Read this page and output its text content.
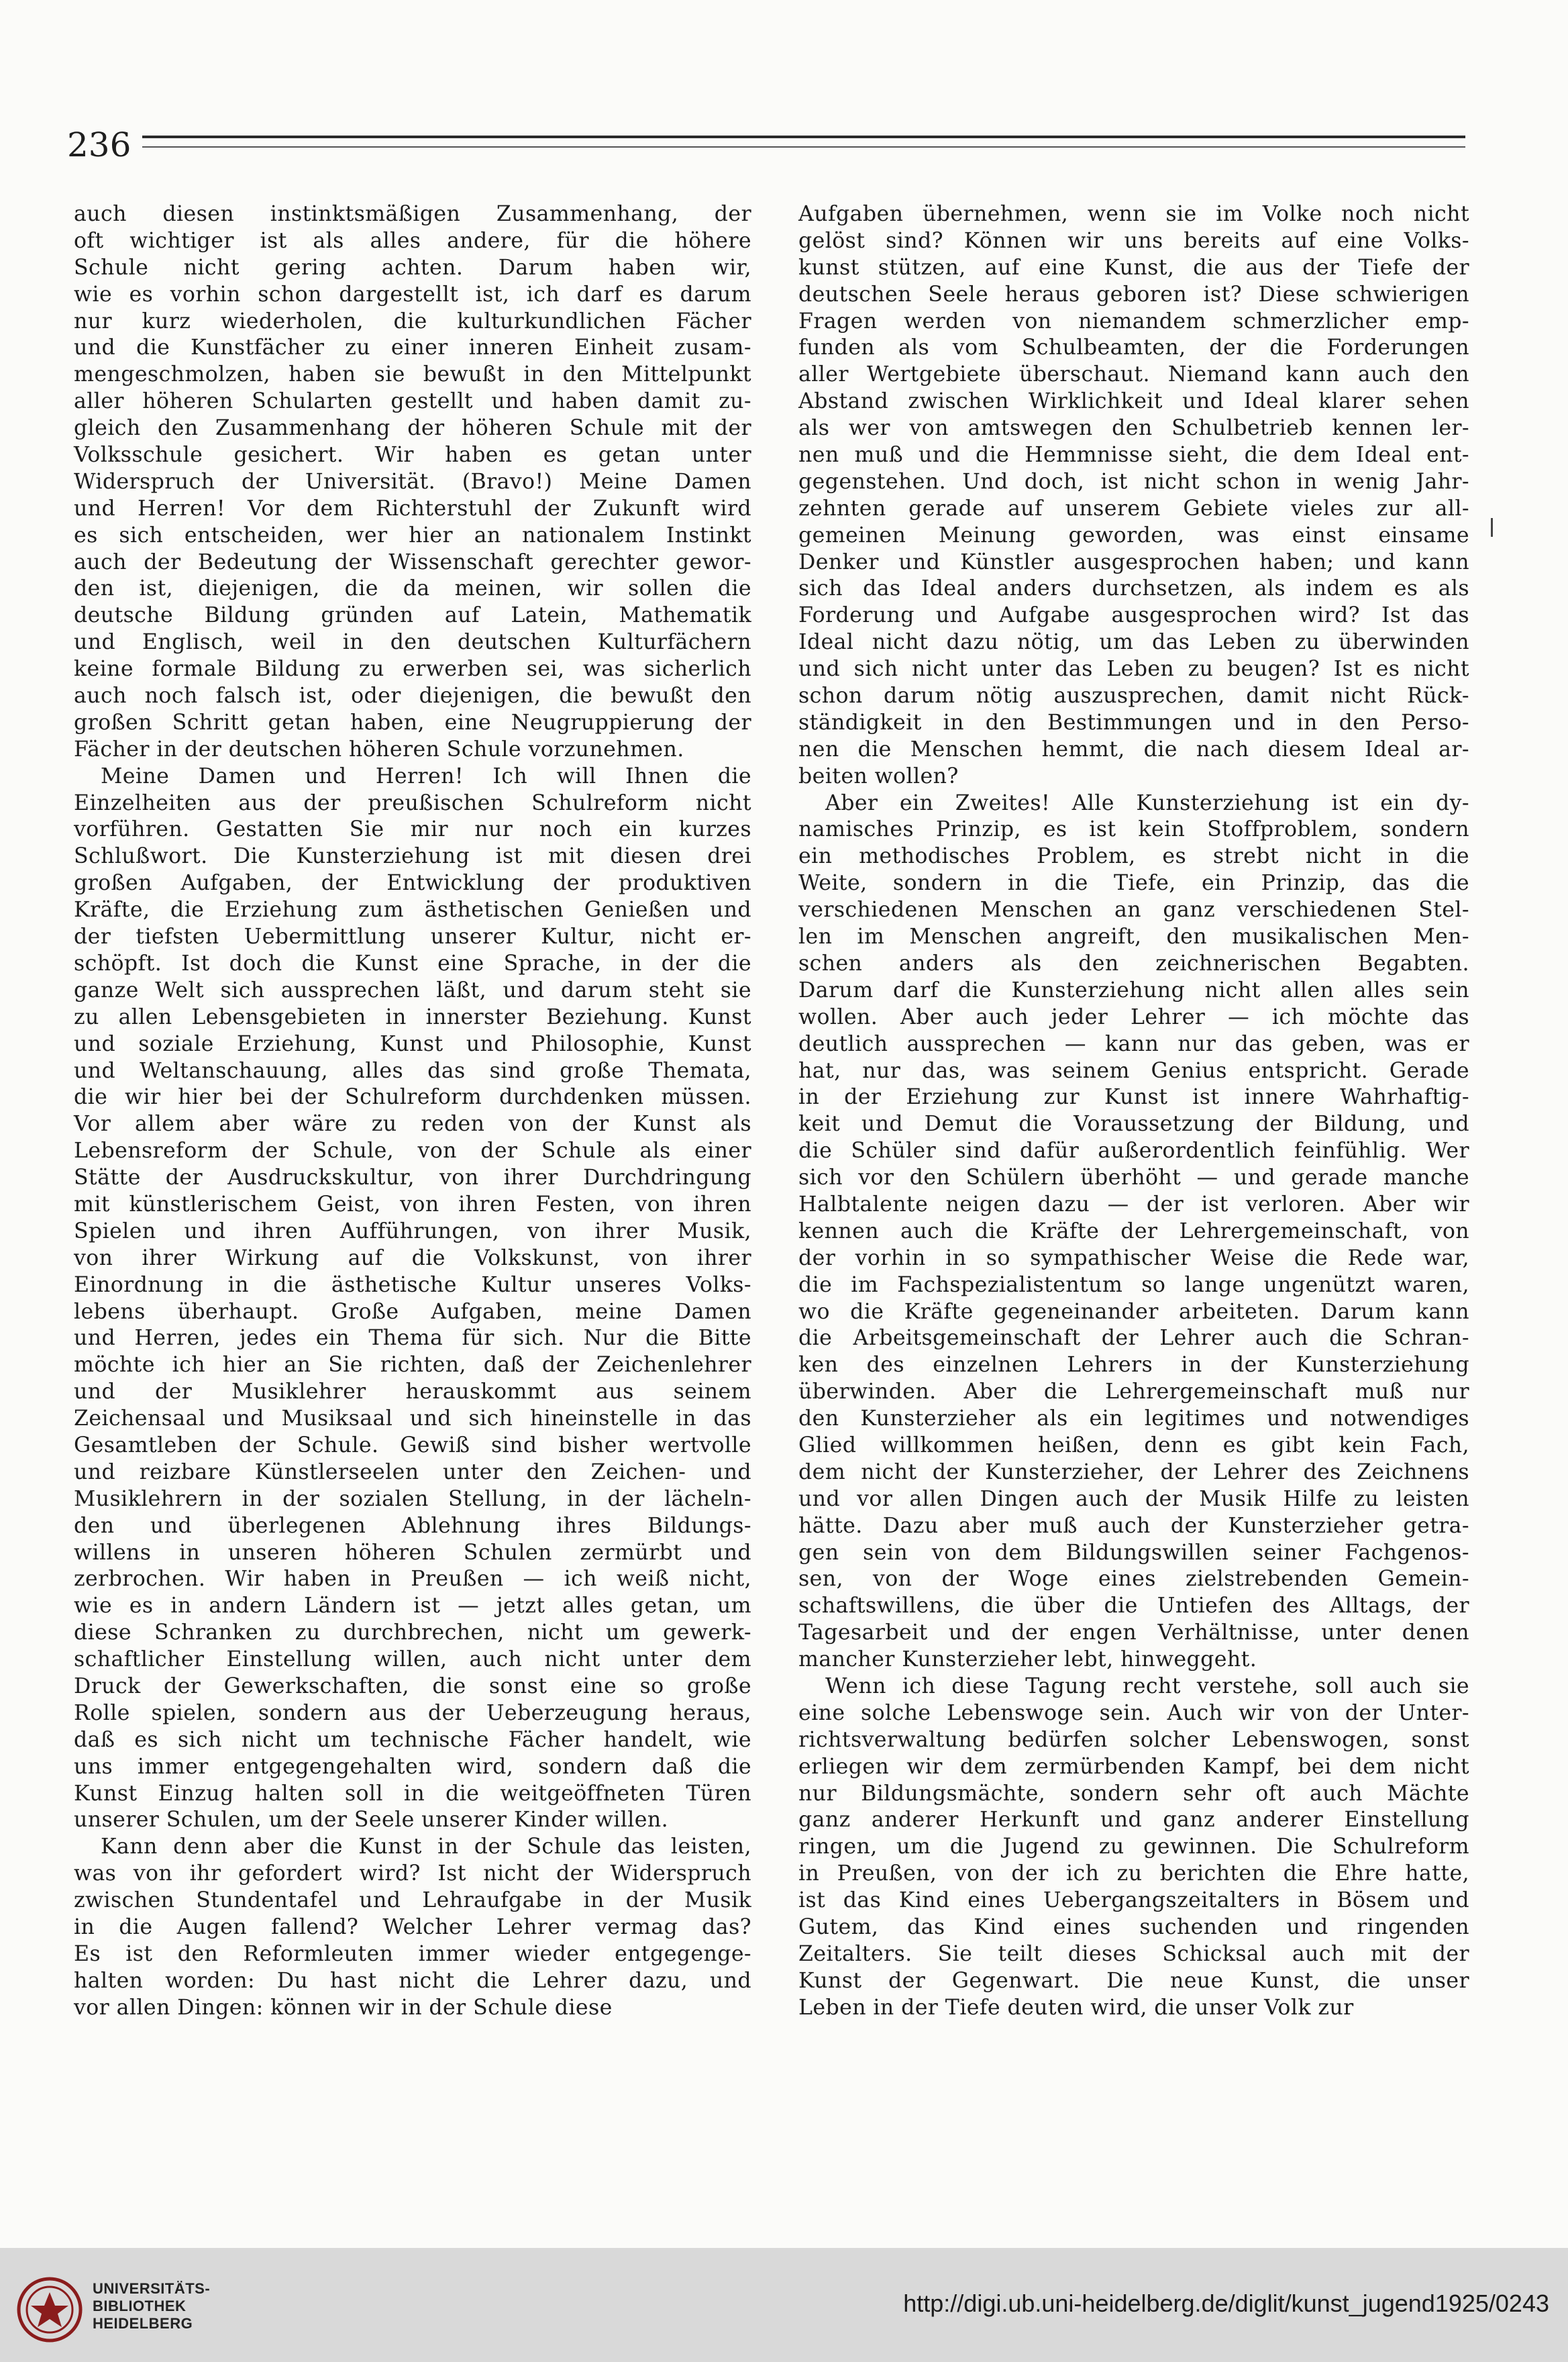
236
auch diesen instinktsmäßigen Zusammenhang, der
oft wichtiger ist als alles andere, für die höhere
Schule nicht gering achten. Darum haben wir,
wie es vorhin schon dargestellt ist, ich darf es darum
nur kurz wiederholen, die kulturkundlichen Fächer
und die Kunstfächer zu einer inneren Einheit zusam-
mengeschmolzen, haben sie bewußt in den Mittelpunkt
aller höheren Schularten gestellt und haben damit zu-
gleich den Zusammenhang der höheren Schule mit der
Volksschule gesichert. Wir haben es getan unter
Widerspruch der Universität. (Bravo!) Meine Damen
und Herren! Vor dem Richterstuhl der Zukunft wird
es sich entscheiden, wer hier an nationalem Instinkt
auch der Bedeutung der Wissenschaft gerechter gewor-
den ist, diejenigen, die da meinen, wir sollen die
deutsche Bildung gründen auf Latein, Mathematik
und Englisch, weil in den deutschen Kulturfächern
keine formale Bildung zu erwerben sei, was sicherlich
auch noch falsch ist, oder diejenigen, die bewußt den
großen Schritt getan haben, eine Neugruppierung der
Fächer in der deutschen höheren Schule vorzunehmen.
Meine Damen und Herren! Ich will Ihnen die
Einzelheiten aus der preußischen Schulreform nicht
vorführen. Gestatten Sie mir nur noch ein kurzes
Schlußwort. Die Kunsterziehung ist mit diesen drei
großen Aufgaben, der Entwicklung der produktiven
Kräfte, die Erziehung zum ästhetischen Genießen und
der tiefsten Uebermittlung unserer Kultur, nicht er-
schöpft. Ist doch die Kunst eine Sprache, in der die
ganze Welt sich aussprechen läßt, und darum steht sie
zu allen Lebensgebieten in innerster Beziehung. Kunst
und soziale Erziehung, Kunst und Philosophie, Kunst
und Weltanschauung, alles das sind große Themata,
die wir hier bei der Schulreform durchdenken müssen.
Vor allem aber wäre zu reden von der Kunst als
Lebensreform der Schule, von der Schule als einer
Stätte der Ausdruckskultur, von ihrer Durchdringung
mit künstlerischem Geist, von ihren Festen, von ihren
Spielen und ihren Aufführungen, von ihrer Musik,
von ihrer Wirkung auf die Volkskunst, von ihrer
Einordnung in die ästhetische Kultur unseres Volks-
lebens überhaupt. Große Aufgaben, meine Damen
und Herren, jedes ein Thema für sich. Nur die Bitte
möchte ich hier an Sie richten, daß der Zeichenlehrer
und der Musiklehrer herauskommt aus seinem
Zeichensaal und Musiksaal und sich hineinstelle in das
Gesamtleben der Schule. Gewiß sind bisher wertvolle
und reizbare Künstlerseelen unter den Zeichen- und
Musiklehrern in der sozialen Stellung, in der lächeln-
den und überlegenen Ablehnung ihres Bildungs-
willens in unseren höheren Schulen zermürbt und
zerbrochen. Wir haben in Preußen — ich weiß nicht,
wie es in andern Ländern ist — jetzt alles getan, um
diese Schranken zu durchbrechen, nicht um gewerk-
schaftlicher Einstellung willen, auch nicht unter dem
Druck der Gewerkschaften, die sonst eine so große
Rolle spielen, sondern aus der Ueberzeugung heraus,
daß es sich nicht um technische Fächer handelt, wie
uns immer entgegengehalten wird, sondern daß die
Kunst Einzug halten soll in die weitgeöffneten Türen
unserer Schulen, um der Seele unserer Kinder willen.
Kann denn aber die Kunst in der Schule das leisten,
was von ihr gefordert wird? Ist nicht der Widerspruch
zwischen Stundentafel und Lehraufgabe in der Musik
in die Augen fallend? Welcher Lehrer vermag das?
Es ist den Reformleuten immer wieder entgegenge-
halten worden: Du hast nicht die Lehrer dazu, und
vor allen Dingen: können wir in der Schule diese
Aufgaben übernehmen, wenn sie im Volke noch nicht
gelöst sind? Können wir uns bereits auf eine Volks-
kunst stützen, auf eine Kunst, die aus der Tiefe der
deutschen Seele heraus geboren ist? Diese schwierigen
Fragen werden von niemandem schmerzlicher emp-
funden als vom Schulbeamten, der die Forderungen
aller Wertgebiete überschaut. Niemand kann auch den
Abstand zwischen Wirklichkeit und Ideal klarer sehen
als wer von amtswegen den Schulbetrieb kennen ler-
nen muß und die Hemmnisse sieht, die dem Ideal ent-
gegenstehen. Und doch, ist nicht schon in wenig Jahr-
zehnten gerade auf unserem Gebiete vieles zur all-
gemeinen Meinung geworden, was einst einsame
Denker und Künstler ausgesprochen haben; und kann
sich das Ideal anders durchsetzen, als indem es als
Forderung und Aufgabe ausgesprochen wird? Ist das
Ideal nicht dazu nötig, um das Leben zu überwinden
und sich nicht unter das Leben zu beugen? Ist es nicht
schon darum nötig auszusprechen, damit nicht Rück-
ständigkeit in den Bestimmungen und in den Perso-
nen die Menschen hemmt, die nach diesem Ideal ar-
beiten wollen?
Aber ein Zweites! Alle Kunsterziehung ist ein dy-
namisches Prinzip, es ist kein Stoffproblem, sondern
ein methodisches Problem, es strebt nicht in die
Weite, sondern in die Tiefe, ein Prinzip, das die
verschiedenen Menschen an ganz verschiedenen Stel-
len im Menschen angreift, den musikalischen Men-
schen anders als den zeichnerischen Begabten.
Darum darf die Kunsterziehung nicht allen alles sein
wollen. Aber auch jeder Lehrer — ich möchte das
deutlich aussprechen — kann nur das geben, was er
hat, nur das, was seinem Genius entspricht. Gerade
in der Erziehung zur Kunst ist innere Wahrhaftig-
keit und Demut die Voraussetzung der Bildung, und
die Schüler sind dafür außerordentlich feinfühlig. Wer
sich vor den Schülern überhöht — und gerade manche
Halbtalente neigen dazu — der ist verloren. Aber wir
kennen auch die Kräfte der Lehrergemeinschaft, von
der vorhin in so sympathischer Weise die Rede war,
die im Fachspezialistentum so lange ungenützt waren,
wo die Kräfte gegeneinander arbeiteten. Darum kann
die Arbeitsgemeinschaft der Lehrer auch die Schran-
ken des einzelnen Lehrers in der Kunsterziehung
überwinden. Aber die Lehrergemeinschaft muß nur
den Kunsterzieher als ein legitimes und notwendiges
Glied willkommen heißen, denn es gibt kein Fach,
dem nicht der Kunsterzieher, der Lehrer des Zeichnens
und vor allen Dingen auch der Musik Hilfe zu leisten
hätte. Dazu aber muß auch der Kunsterzieher getra-
gen sein von dem Bildungswillen seiner Fachgenos-
sen, von der Woge eines zielstrebenden Gemein-
schaftswillens, die über die Untiefen des Alltags, der
Tagesarbeit und der engen Verhältnisse, unter denen
mancher Kunsterzieher lebt, hinweggeht.
Wenn ich diese Tagung recht verstehe, soll auch sie
eine solche Lebenswoge sein. Auch wir von der Unter-
richtsverwaltung bedürfen solcher Lebenswogen, sonst
erliegen wir dem zermürbenden Kampf, bei dem nicht
nur Bildungsmächte, sondern sehr oft auch Mächte
ganz anderer Herkunft und ganz anderer Einstellung
ringen, um die Jugend zu gewinnen. Die Schulreform
in Preußen, von der ich zu berichten die Ehre hatte,
ist das Kind eines Uebergangszeitalters in Bösem und
Gutem, das Kind eines suchenden und ringenden
Zeitalters. Sie teilt dieses Schicksal auch mit der
Kunst der Gegenwart. Die neue Kunst, die unser
Leben in der Tiefe deuten wird, die unser Volk zur
UNIVERSITÄTS-
BIBLIOTHEK
HEIDELBERG
http://digi.ub.uni-heidelberg.de/diglit/kunst_jugend1925/0243
